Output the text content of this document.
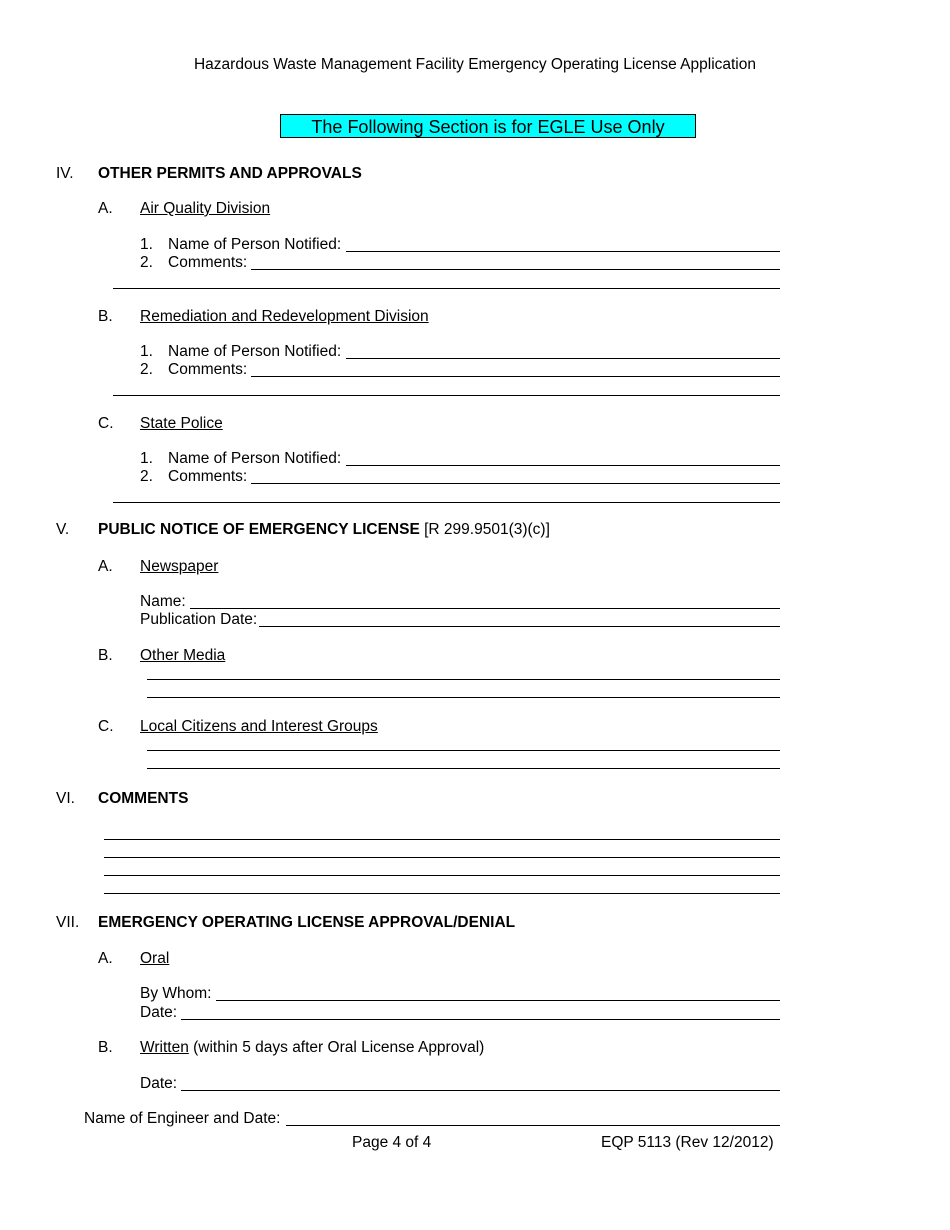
Hazardous Waste Management Facility Emergency Operating License Application
The Following Section is for EGLE Use Only
IV. OTHER PERMITS AND APPROVALS
A. Air Quality Division
1. Name of Person Notified:
2. Comments:
B. Remediation and Redevelopment Division
1. Name of Person Notified:
2. Comments:
C. State Police
1. Name of Person Notified:
2. Comments:
V. PUBLIC NOTICE OF EMERGENCY LICENSE [R 299.9501(3)(c)]
A. Newspaper
Name:
Publication Date:
B. Other Media
C. Local Citizens and Interest Groups
VI. COMMENTS
VII. EMERGENCY OPERATING LICENSE APPROVAL/DENIAL
A. Oral
By Whom:
Date:
B. Written (within 5 days after Oral License Approval)
Date:
Name of Engineer and Date:
Page 4 of 4	EQP 5113 (Rev 12/2012)
